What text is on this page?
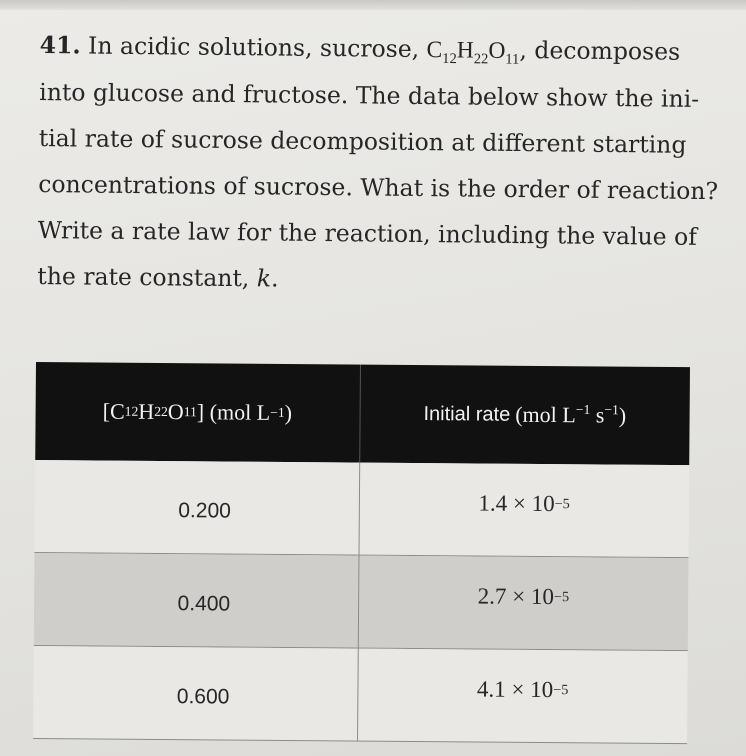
41. In acidic solutions, sucrose, $C_{12}H_{22}O_{11}$, decomposes
into glucose and fructose. The data below show the ini-
tial rate of sucrose decomposition at different starting
concentrations of sucrose. What is the order of reaction?
Write a rate law for the reaction, including the value of
the rate constant, k.
[C 12 H 22 O 11 ] (mol L −1 )	Initial rate (mol $L^{-1}$ $s^{-1}$)
0.200	1.4 × 10 −5
0.400	2.7 × 10 −5
0.600	4.1 × 10 −5
